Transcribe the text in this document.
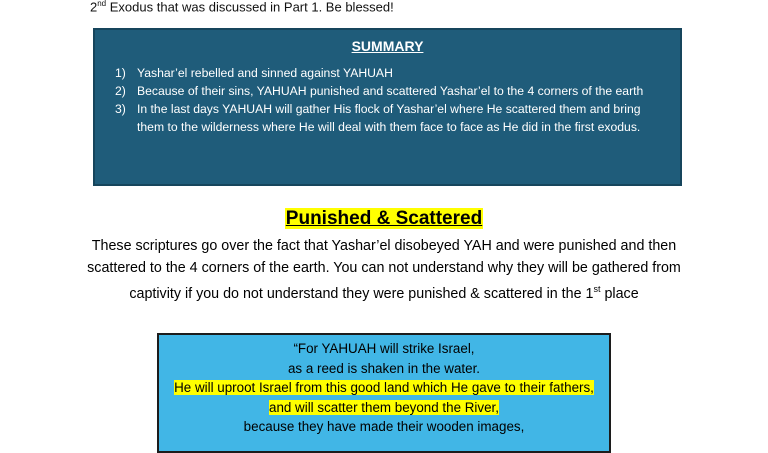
2nd Exodus that was discussed in Part 1. Be blessed!
SUMMARY
1) Yashar’el rebelled and sinned against YAHUAH
2) Because of their sins, YAHUAH punished and scattered Yashar’el to the 4 corners of the earth
3) In the last days YAHUAH will gather His flock of Yashar’el where He scattered them and bring them to the wilderness where He will deal with them face to face as He did in the first exodus.
Punished & Scattered
These scriptures go over the fact that Yashar’el disobeyed YAH and were punished and then scattered to the 4 corners of the earth. You can not understand why they will be gathered from captivity if you do not understand they were punished & scattered in the 1st place
“For YAHUAH will strike Israel,
as a reed is shaken in the water.
He will uproot Israel from this good land which He gave to their fathers,
and will scatter them beyond the River,
because they have made their wooden images,
